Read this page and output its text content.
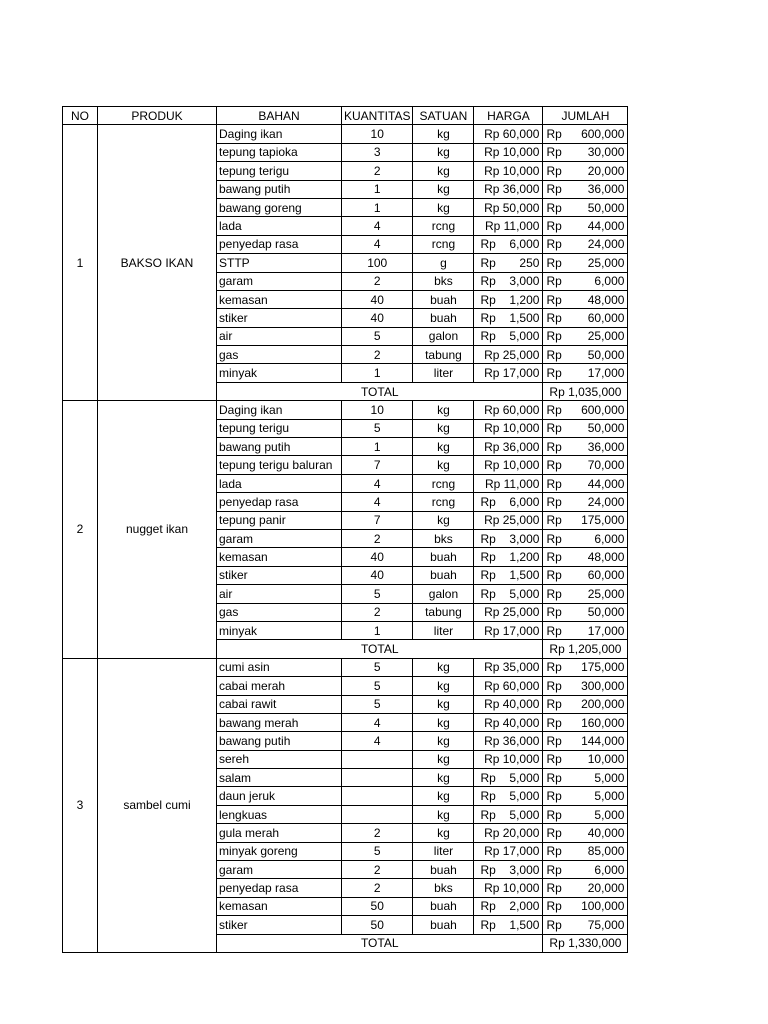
NO	PRODUK	BAHAN	KUANTITAS	SATUAN	HARGA	JUMLAH
1	BAKSO IKAN	Daging ikan	10	kg	Rp 60,000	Rp 600,000

		tepung tapioka	3	kg	Rp 10,000	Rp 30,000

		tepung terigu	2	kg	Rp 10,000	Rp 20,000

		bawang putih	1	kg	Rp 36,000	Rp 36,000

		bawang goreng	1	kg	Rp 50,000	Rp 50,000

		lada	4	rcng	Rp 11,000	Rp 44,000

		penyedap rasa	4	rcng	Rp 6,000	Rp 24,000

		STTP	100	g	Rp 250	Rp 25,000

		garam	2	bks	Rp 3,000	Rp 6,000

		kemasan	40	buah	Rp 1,200	Rp 48,000

		stiker	40	buah	Rp 1,500	Rp 60,000

		air	5	galon	Rp 5,000	Rp 25,000

		gas	2	tabung	Rp 25,000	Rp 50,000

		minyak	1	liter	Rp 17,000	Rp 17,000

		TOTAL				Rp 1,035,000
2	nugget ikan	Daging ikan	10	kg	Rp 60,000	Rp 600,000

		tepung terigu	5	kg	Rp 10,000	Rp 50,000

		bawang putih	1	kg	Rp 36,000	Rp 36,000

		tepung terigu baluran	7	kg	Rp 10,000	Rp 70,000

		lada	4	rcng	Rp 11,000	Rp 44,000

		penyedap rasa	4	rcng	Rp 6,000	Rp 24,000

		tepung panir	7	kg	Rp 25,000	Rp 175,000

		garam	2	bks	Rp 3,000	Rp 6,000

		kemasan	40	buah	Rp 1,200	Rp 48,000

		stiker	40	buah	Rp 1,500	Rp 60,000

		air	5	galon	Rp 5,000	Rp 25,000

		gas	2	tabung	Rp 25,000	Rp 50,000

		minyak	1	liter	Rp 17,000	Rp 17,000

		TOTAL				Rp 1,205,000
3	sambel cumi	cumi asin	5	kg	Rp 35,000	Rp 175,000

		cabai merah	5	kg	Rp 60,000	Rp 300,000

		cabai rawit	5	kg	Rp 40,000	Rp 200,000

		bawang merah	4	kg	Rp 40,000	Rp 160,000

		bawang putih	4	kg	Rp 36,000	Rp 144,000

		sereh		kg	Rp 10,000	Rp 10,000

		salam		kg	Rp 5,000	Rp 5,000

		daun jeruk		kg	Rp 5,000	Rp 5,000

		lengkuas		kg	Rp 5,000	Rp 5,000

		gula merah	2	kg	Rp 20,000	Rp 40,000

		minyak goreng	5	liter	Rp 17,000	Rp 85,000

		garam	2	buah	Rp 3,000	Rp 6,000

		penyedap rasa	2	bks	Rp 10,000	Rp 20,000

		kemasan	50	buah	Rp 2,000	Rp 100,000

		stiker	50	buah	Rp 1,500	Rp 75,000

		TOTAL				Rp 1,330,000
